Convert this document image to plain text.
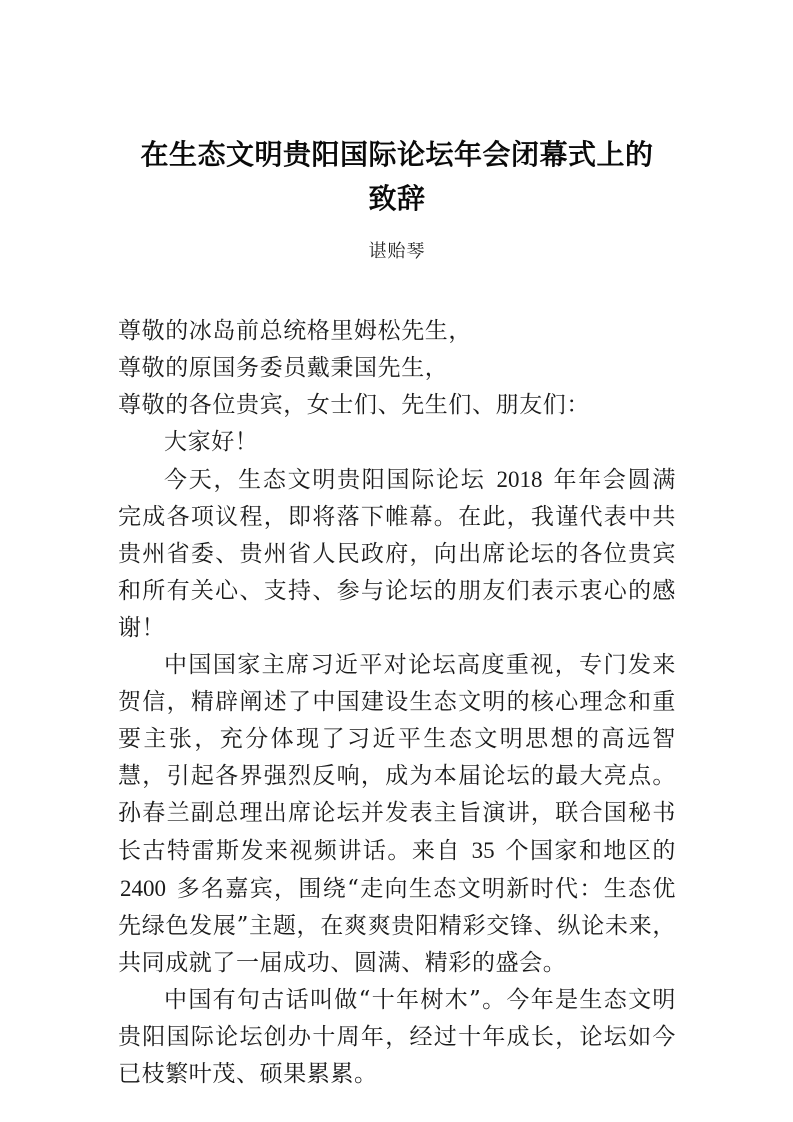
在生态文明贵阳国际论坛年会闭幕式上的
致辞
谌贻琴

尊敬的冰岛前总统格里姆松先生，

尊敬的原国务委员戴秉国先生，

尊敬的各位贵宾，女士们、先生们、朋友们：

大家好！

今天，生态文明贵阳国际论坛 2018 年年会圆满完成各项议程，即将落下帷幕。在此，我谨代表中共贵州省委、贵州省人民政府，向出席论坛的各位贵宾和所有关心、支持、参与论坛的朋友们表示衷心的感谢！

中国国家主席习近平对论坛高度重视，专门发来贺信，精辟阐述了中国建设生态文明的核心理念和重要主张，充分体现了习近平生态文明思想的高远智慧，引起各界强烈反响，成为本届论坛的最大亮点。孙春兰副总理出席论坛并发表主旨演讲，联合国秘书长古特雷斯发来视频讲话。来自 35 个国家和地区的 2400 多名嘉宾，围绕“走向生态文明新时代：生态优先绿色发展”主题，在爽爽贵阳精彩交锋、纵论未来，共同成就了一届成功、圆满、精彩的盛会。

中国有句古话叫做“十年树木”。今年是生态文明贵阳国际论坛创办十周年，经过十年成长，论坛如今已枝繁叶茂、硕果累累。
